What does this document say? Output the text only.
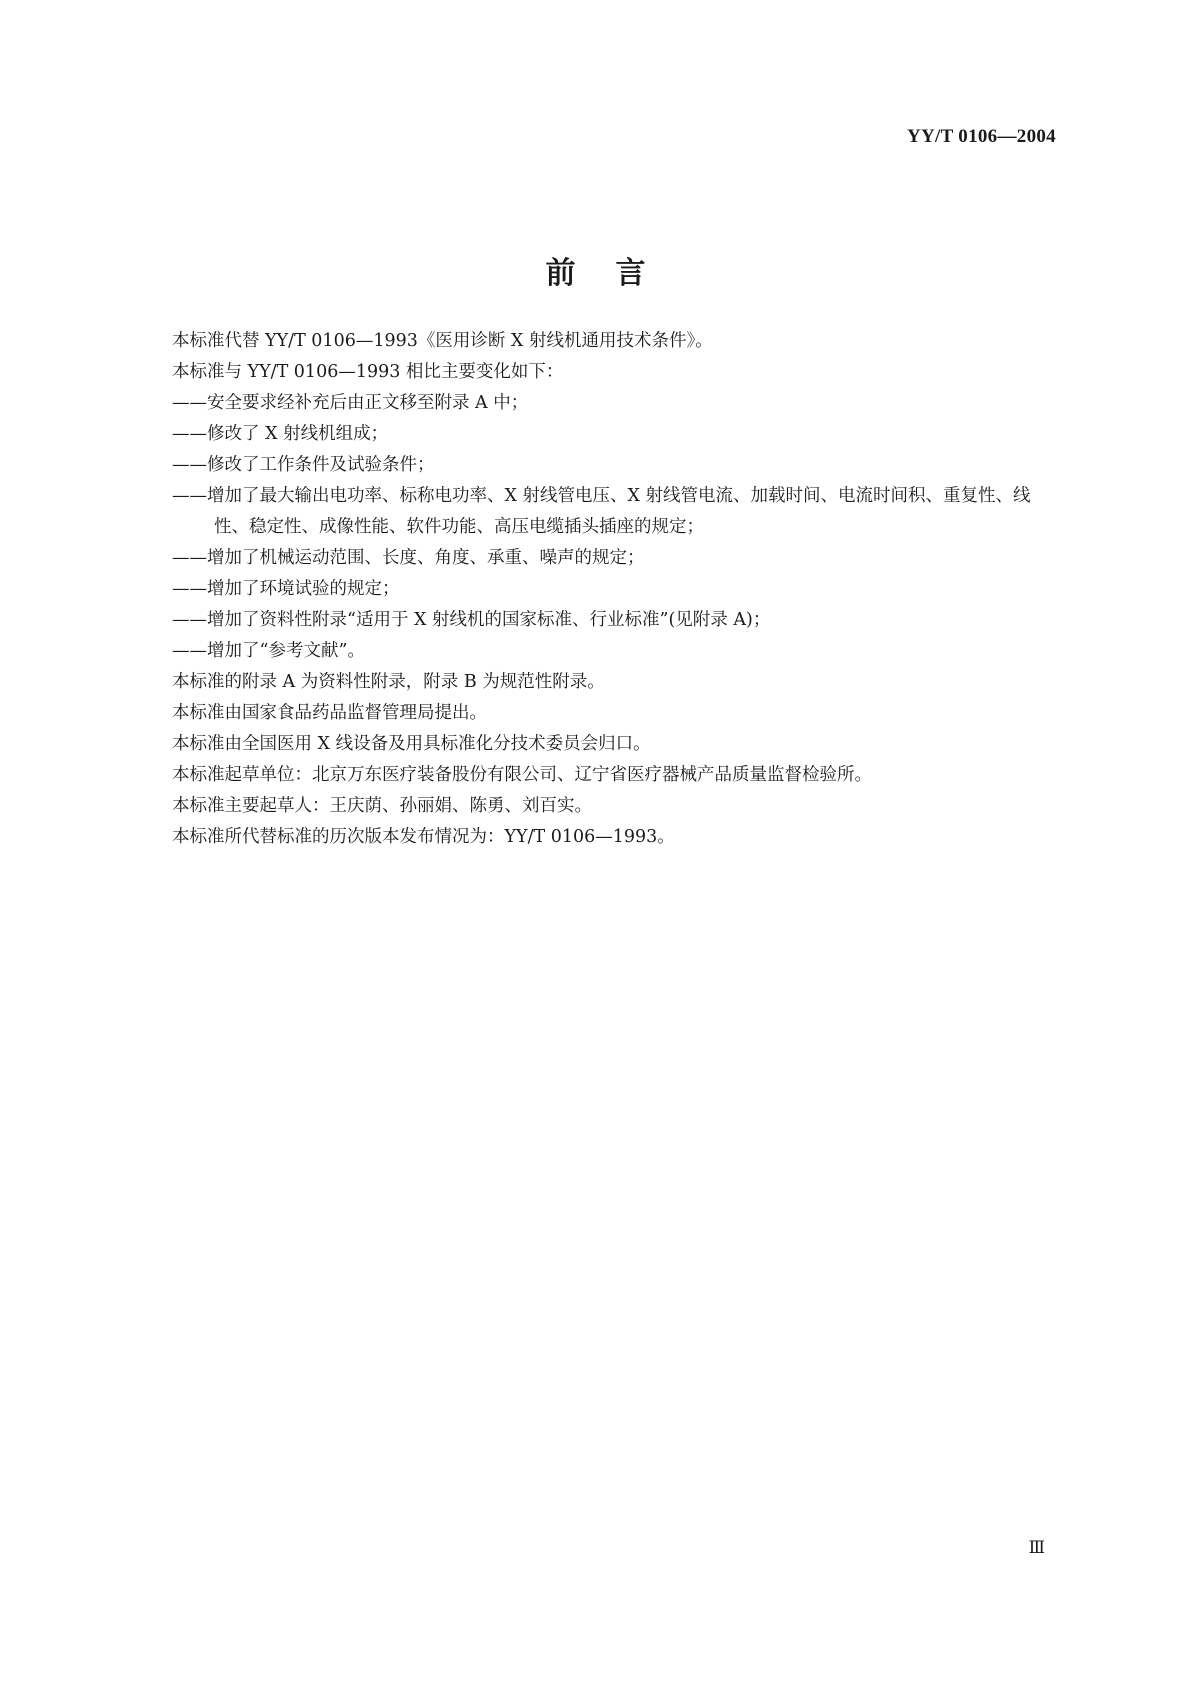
YY/T 0106—2004
前言

本标准代替 YY/T 0106—1993《医用诊断 X 射线机通用技术条件》。

本标准与 YY/T 0106—1993 相比主要变化如下：

——安全要求经补充后由正文移至附录 A 中；

——修改了 X 射线机组成；

——修改了工作条件及试验条件；

——增加了最大输出电功率、标称电功率、X 射线管电压、X 射线管电流、加载时间、电流时间积、重复性、线性、稳定性、成像性能、软件功能、高压电缆插头插座的规定；

——增加了机械运动范围、长度、角度、承重、噪声的规定；

——增加了环境试验的规定；

——增加了资料性附录“适用于 X 射线机的国家标准、行业标准”(见附录 A)；

——增加了“参考文献”。

本标准的附录 A 为资料性附录，附录 B 为规范性附录。

本标准由国家食品药品监督管理局提出。

本标准由全国医用 X 线设备及用具标准化分技术委员会归口。

本标准起草单位：北京万东医疗装备股份有限公司、辽宁省医疗器械产品质量监督检验所。

本标准主要起草人：王庆荫、孙丽娟、陈勇、刘百实。

本标准所代替标准的历次版本发布情况为：YY/T 0106—1993。

Ⅲ
